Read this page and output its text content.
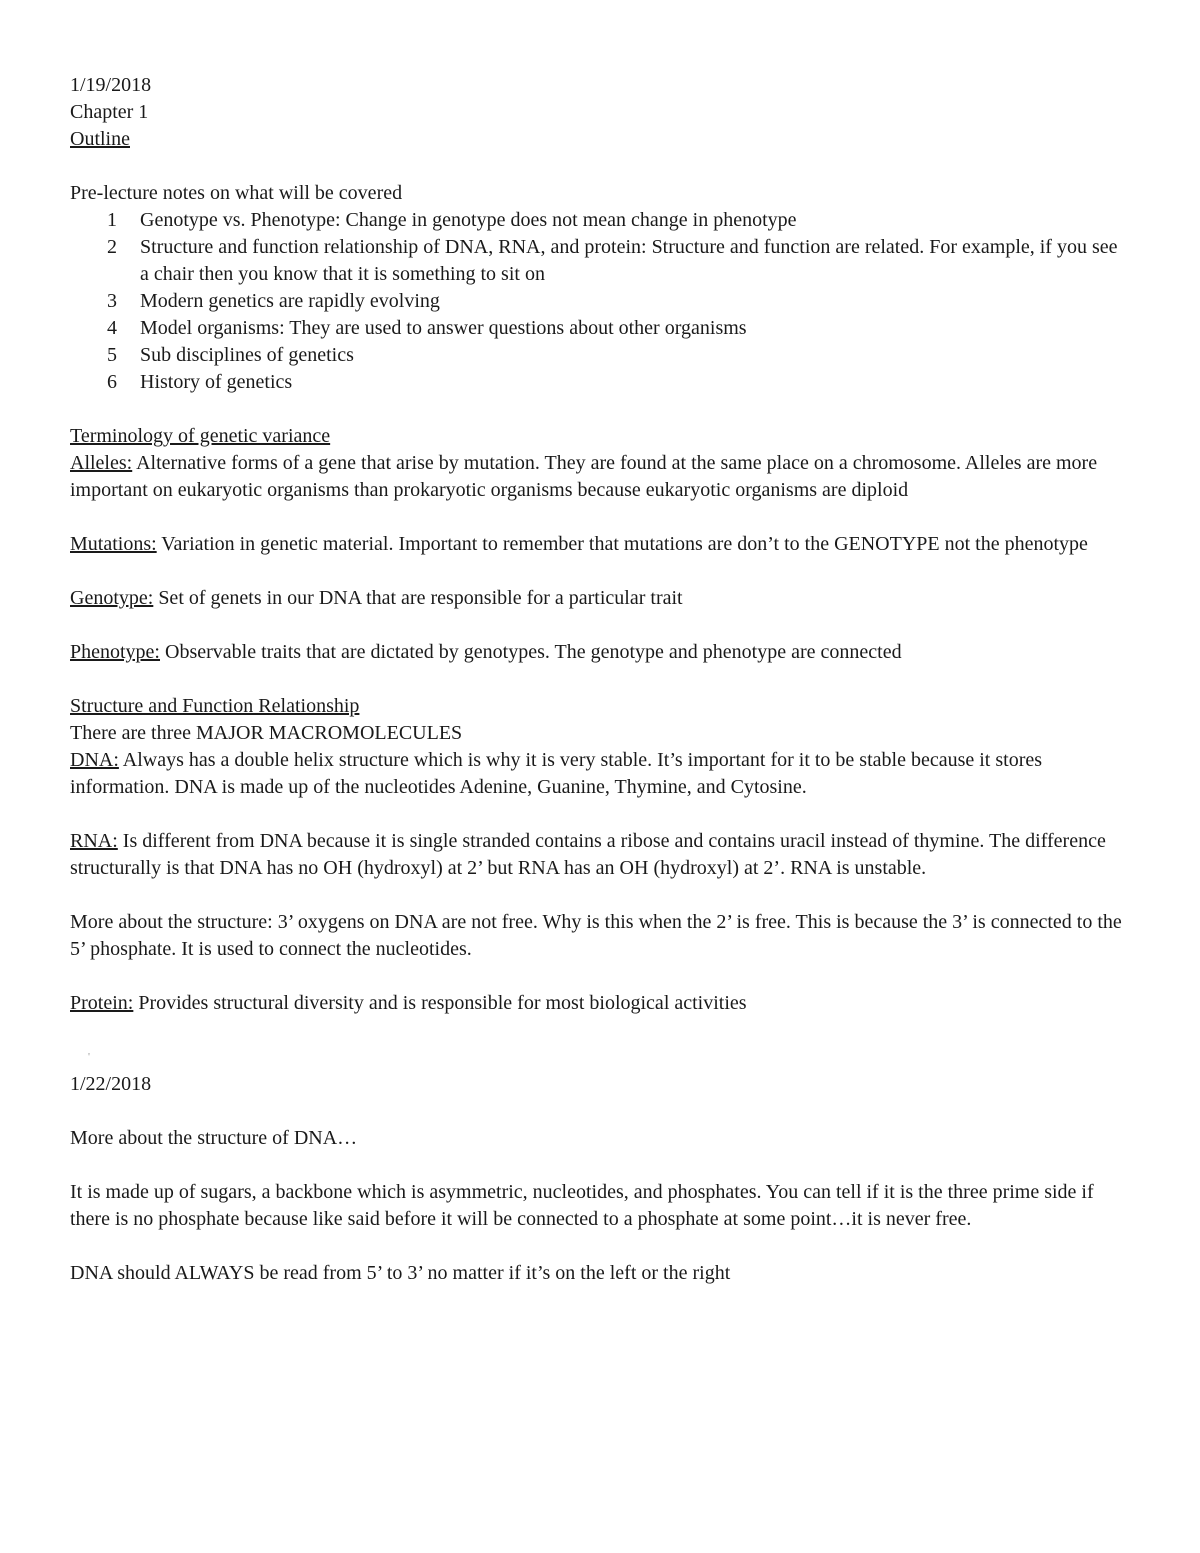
1/19/2018

Chapter 1

Outline

Pre-lecture notes on what will be covered

1	Genotype vs. Phenotype: Change in genotype does not mean change in phenotype
2	Structure and function relationship of DNA, RNA, and protein: Structure and function are related. For example, if you see a chair then you know that it is something to sit on
3	Modern genetics are rapidly evolving
4	Model organisms: They are used to answer questions about other organisms
5	Sub disciplines of genetics
6	History of genetics

Terminology of genetic variance

Alleles: Alternative forms of a gene that arise by mutation. They are found at the same place on a chromosome. Alleles are more important on eukaryotic organisms than prokaryotic organisms because eukaryotic organisms are diploid

Mutations: Variation in genetic material. Important to remember that mutations are don’t to the GENOTYPE not the phenotype

Genotype: Set of genets in our DNA that are responsible for a particular trait

Phenotype: Observable traits that are dictated by genotypes. The genotype and phenotype are connected

Structure and Function Relationship

There are three MAJOR MACROMOLECULES

DNA: Always has a double helix structure which is why it is very stable. It’s important for it to be stable because it stores information. DNA is made up of the nucleotides Adenine, Guanine, Thymine, and Cytosine.

RNA: Is different from DNA because it is single stranded contains a ribose and contains uracil instead of thymine. The difference structurally is that DNA has no OH (hydroxyl) at 2’ but RNA has an OH (hydroxyl) at 2’. RNA is unstable.

More about the structure: 3’ oxygens on DNA are not free. Why is this when the 2’ is free. This is because the 3’ is connected to the 5’ phosphate. It is used to connect the nucleotides.

Protein: Provides structural diversity and is responsible for most biological activities

'

1/22/2018

More about the structure of DNA…

It is made up of sugars, a backbone which is asymmetric, nucleotides, and phosphates. You can tell if it is the three prime side if there is no phosphate because like said before it will be connected to a phosphate at some point…it is never free.

DNA should ALWAYS be read from 5’ to 3’ no matter if it’s on the left or the right
